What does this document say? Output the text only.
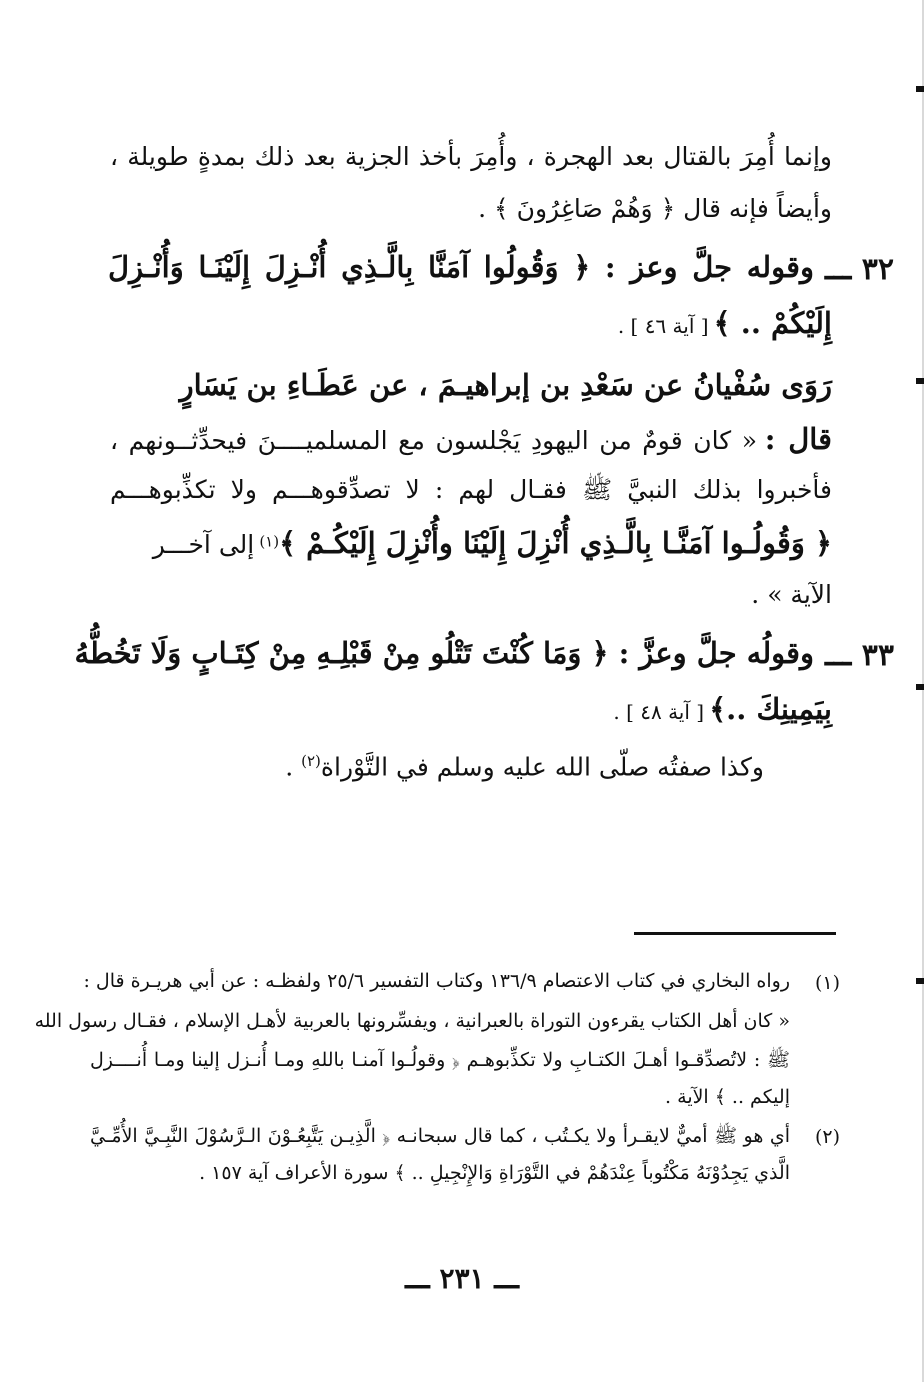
وإنما أُمِرَ بالقتال بعد الهجرة ، وأُمِرَ بأخذ الجزية بعد ذلك بمدةٍ طويلة ،
وأيضاً فإنه قال ﴿ وَهُمْ صَاغِرُونَ ﴾ .
٣٢ ـــ
وقوله جلَّ وعز : ﴿ وَقُولُوا آمَنَّا بِالَّـذِي أُنْـزِلَ إِلَيْنَـا وَأُنْـزِلَ
إِلَيْكُمْ .. ﴾ [ آية ٤٦ ] .
رَوَى سُفْيانُ عن سَعْدِ بن إبراهيـمَ ، عن عَطَـاءِ بن يَسَارٍ
قال : « كان قومٌ من اليهودِ يَجْلسون مع المسلميــــنَ فيحدِّثــونهم ،
فأخبروا بذلك النبيَّ ﷺ فقـال لهم : لا تصدِّقوهـــم ولا تكذِّبوهـــم
﴿ وَقُولُـوا آمَنَّـا بِالَّـذِي أُنْزِلَ إِلَيْنَا وأُنْزِلَ إِلَيْكُـمْ ﴾$^{(١)}$ إلى آخـــر
الآية » .
٣٣ ـــ
وقولُه جلَّ وعزَّ : ﴿ وَمَا كُنْتَ تَتْلُو مِنْ قَبْلِـهِ مِنْ كِتَـابٍ وَلَا تَخُطُّهُ
بِيَمِينِكَ ..﴾ [ آية ٤٨ ] .
وكذا صفتُه صلّى الله عليه وسلم في التَّوْراة$^{(٢)}$ .
(١)
رواه البخاري في كتاب الاعتصام ١٣٦/٩ وكتاب التفسير ٢٥/٦ ولفظـه : عن أبي هريـرة قال :
« كان أهل الكتاب يقرءون التوراة بالعبرانية ، ويفسِّرونها بالعربية لأهـل الإسلام ، فقـال رسول الله
ﷺ : لاتُصدِّقـوا أهـلَ الكتـابِ ولا تكذِّبوهـم ﴿ وقولُـوا آمنـا باللهِ ومـا أُنـزل إلينا ومـا أُنــــزل
إليكم .. ﴾ الآية .
(٢)
أي هو ﷺ أميٌّ لايقـرأ ولا يكـتُب ، كما قال سبحانـه ﴿ الَّذِيـن يَتَّبِعُـوْنَ الـرَّسُوْلَ النَّبِـيَّ الأُمِّـيَّ
الَّذي يَجِدُوْنَهُ مَكْتُوباً عِنْدَهُمْ في التَّوْرَاةِ وَالإِنْجِيلِ .. ﴾ سورة الأعراف آية ١٥٧ .
ـــ ٢٣١ ـــ
